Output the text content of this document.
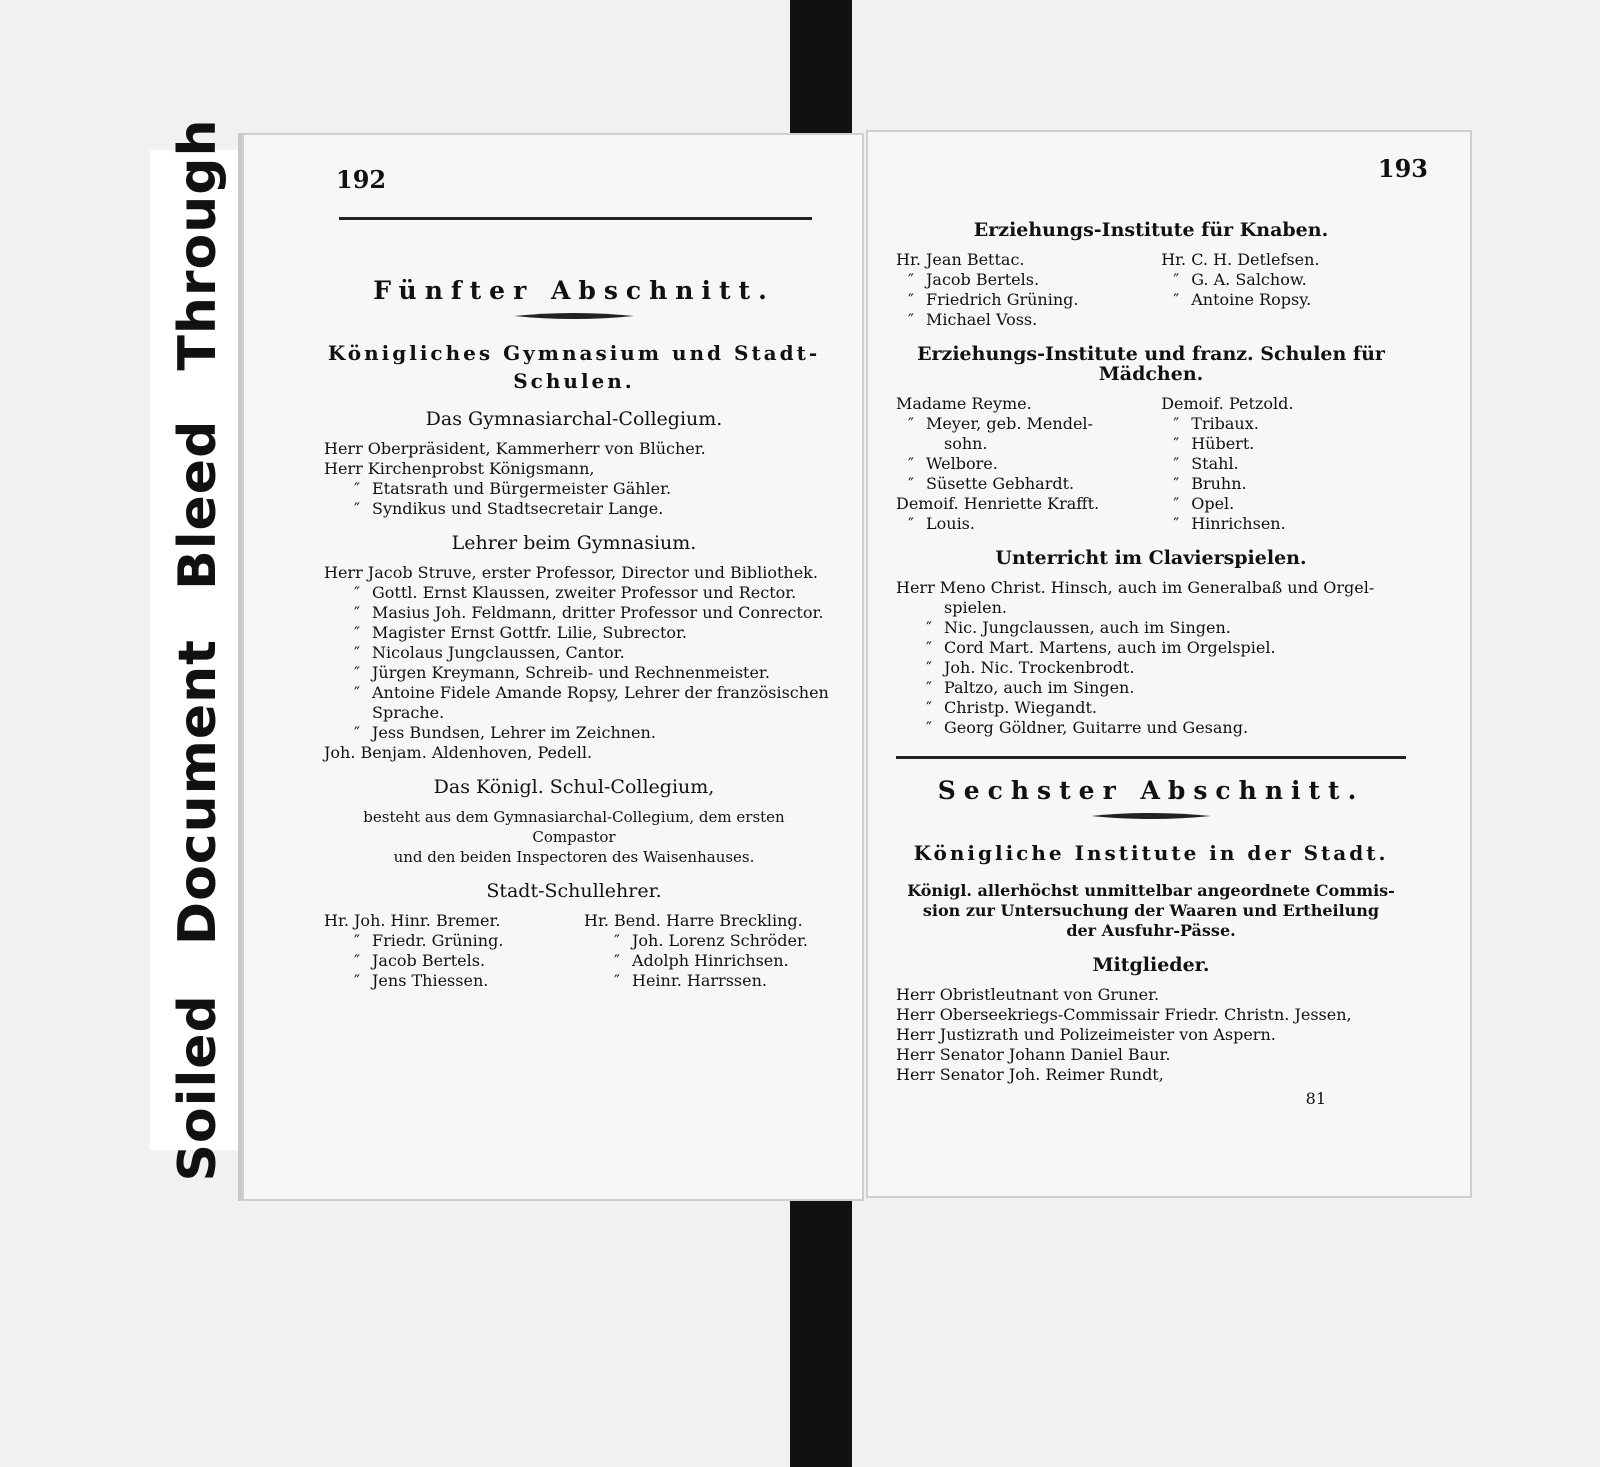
Soiled Document Bleed Through	192
Fünfter Abschnitt.
Königliches Gymnasium und Stadt-
Schulen.
Das Gymnasiarchal-Collegium.
Herr Oberpräsident, Kammerherr von Blücher.
Herr Kirchenprobst Königsmann,
″ Etatsrath und Bürgermeister Gähler.
″ Syndikus und Stadtsecretair Lange.
Lehrer beim Gymnasium.
Herr Jacob Struve, erster Professor, Director und Bibliothek.
″ Gottl. Ernst Klaussen, zweiter Professor und Rector.
″ Masius Joh. Feldmann, dritter Professor und Conrector.
″ Magister Ernst Gottfr. Lilie, Subrector.
″ Nicolaus Jungclaussen, Cantor.
″ Jürgen Kreymann, Schreib- und Rechnenmeister.
″ Antoine Fidele Amande Ropsy, Lehrer der französischen
Sprache.
″ Jess Bundsen, Lehrer im Zeichnen.
Joh. Benjam. Aldenhoven, Pedell.
Das Königl. Schul-Collegium,
besteht aus dem Gymnasiarchal-Collegium, dem ersten Compastor
und den beiden Inspectoren des Waisenhauses.
Stadt-Schullehrer.
Hr. Joh. Hinr. Bremer.
″ Friedr. Grüning.
″ Jacob Bertels.
″ Jens Thiessen.
Hr. Bend. Harre Breckling.
″ Joh. Lorenz Schröder.
″ Adolph Hinrichsen.
″ Heinr. Harrssen.
193
Erziehungs-Institute für Knaben.
Hr. Jean Bettac.
″ Jacob Bertels.
″ Friedrich Grüning.
″ Michael Voss.
Hr. C. H. Detlefsen.
″ G. A. Salchow.
″ Antoine Ropsy.
Erziehungs-Institute und franz. Schulen für Mädchen.
Madame Reyme.
″ Meyer, geb. Mendel-
sohn.
″ Welbore.
″ Süsette Gebhardt.
Demoif. Henriette Krafft.
″ Louis.
Demoif. Petzold.
″ Tribaux.
″ Hübert.
″ Stahl.
″ Bruhn.
″ Opel.
″ Hinrichsen.
Unterricht im Clavierspielen.
Herr Meno Christ. Hinsch, auch im Generalbaß und Orgel-
spielen.
″ Nic. Jungclaussen, auch im Singen.
″ Cord Mart. Martens, auch im Orgelspiel.
″ Joh. Nic. Trockenbrodt.
″ Paltzo, auch im Singen.
″ Christp. Wiegandt.
″ Georg Göldner, Guitarre und Gesang.
Sechster Abschnitt.
Königliche Institute in der Stadt.
Königl. allerhöchst unmittelbar angeordnete Commis-
sion zur Untersuchung der Waaren und Ertheilung
der Ausfuhr-Pässe.
Mitglieder.
Herr Obristleutnant von Gruner.
Herr Oberseekriegs-Commissair Friedr. Christn. Jessen,
Herr Justizrath und Polizeimeister von Aspern.
Herr Senator Johann Daniel Baur.
Herr Senator Joh. Reimer Rundt,
81
